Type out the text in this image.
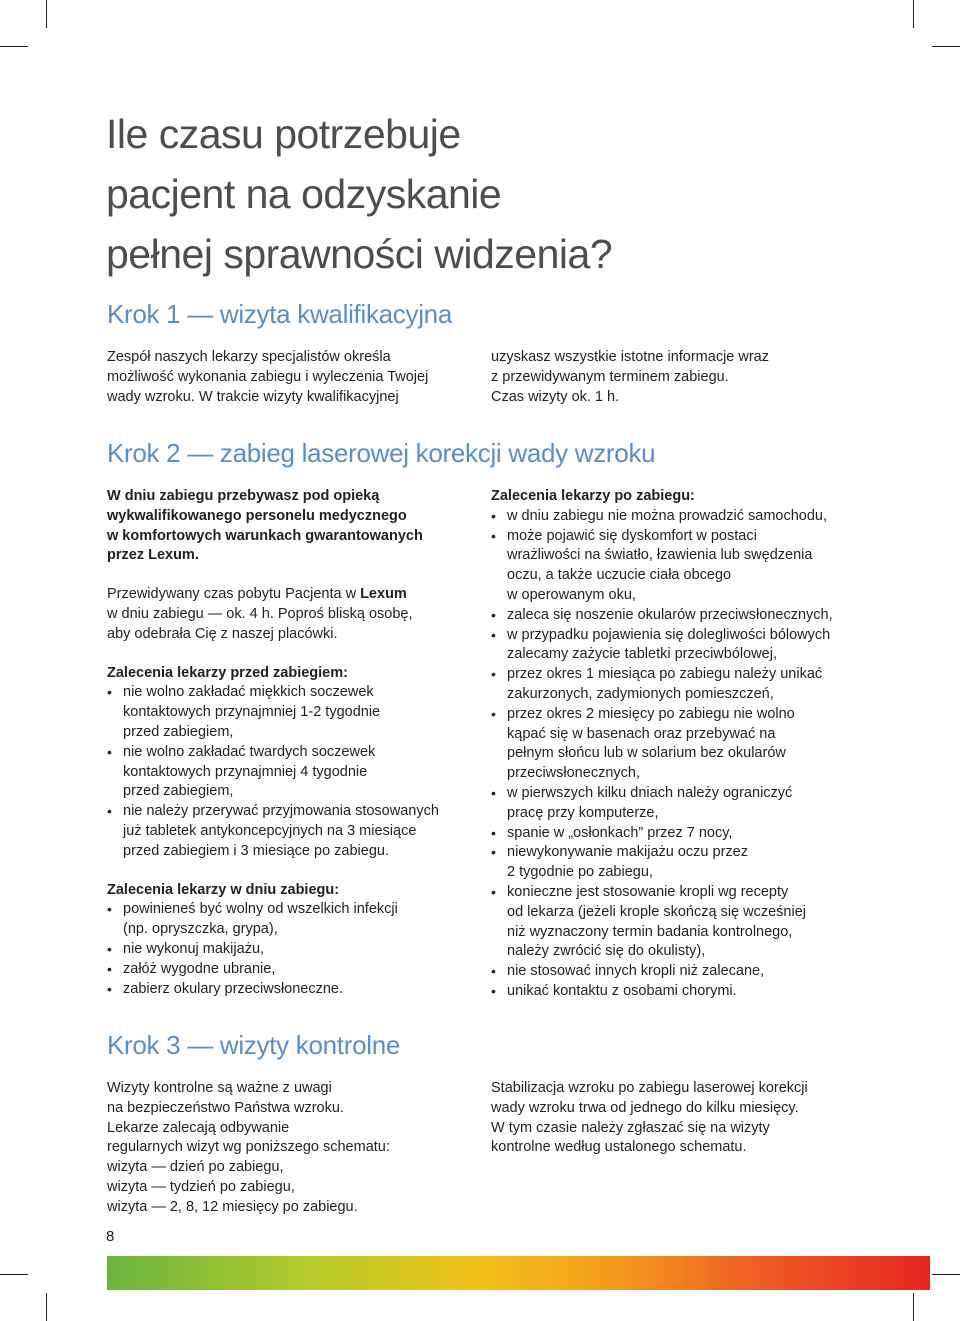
Ile czasu potrzebuje
pacjent na odzyskanie
pełnej sprawności widzenia?
Krok 1 — wizyta kwalifikacyjna
Zespół naszych lekarzy specjalistów określa
możliwość wykonania zabiegu i wyleczenia Twojej
wady wzroku. W trakcie wizyty kwalifikacyjnej
uzyskasz wszystkie istotne informacje wraz
z przewidywanym terminem zabiegu.
Czas wizyty ok. 1 h.
Krok 2 — zabieg laserowej korekcji wady wzroku
W dniu zabiegu przebywasz pod opieką
wykwalifikowanego personelu medycznego
w komfortowych warunkach gwarantowanych
przez Lexum.
Przewidywany czas pobytu Pacjenta w Lexum
w dniu zabiegu — ok. 4 h. Poproś bliską osobę,
aby odebrała Cię z naszej placówki.
Zalecenia lekarzy przed zabiegiem:
• nie wolno zakładać miękkich soczewek
kontaktowych przynajmniej 1-2 tygodnie
przed zabiegiem,
• nie wolno zakładać twardych soczewek
kontaktowych przynajmniej 4 tygodnie
przed zabiegiem,
• nie należy przerywać przyjmowania stosowanych
już tabletek antykoncepcyjnych na 3 miesiące
przed zabiegiem i 3 miesiące po zabiegu.
Zalecenia lekarzy w dniu zabiegu:
• powinieneś być wolny od wszelkich infekcji
(np. opryszczka, grypa),
• nie wykonuj makijażu,
• załóż wygodne ubranie,
• zabierz okulary przeciwsłoneczne.
Zalecenia lekarzy po zabiegu:
• w dniu zabiegu nie można prowadzić samochodu,
• może pojawić się dyskomfort w postaci
wrażliwości na światło, łzawienia lub swędzenia
oczu, a także uczucie ciała obcego
w operowanym oku,
• zaleca się noszenie okularów przeciwsłonecznych,
• w przypadku pojawienia się dolegliwości bólowych
zalecamy zażycie tabletki przeciwbólowej,
• przez okres 1 miesiąca po zabiegu należy unikać
zakurzonych, zadymionych pomieszczeń,
• przez okres 2 miesięcy po zabiegu nie wolno
kąpać się w basenach oraz przebywać na
pełnym słońcu lub w solarium bez okularów
przeciwsłonecznych,
• w pierwszych kilku dniach należy ograniczyć
pracę przy komputerze,
• spanie w „osłonkach” przez 7 nocy,
• niewykonywanie makijażu oczu przez
2 tygodnie po zabiegu,
• konieczne jest stosowanie kropli wg recepty
od lekarza (jeżeli krople skończą się wcześniej
niż wyznaczony termin badania kontrolnego,
należy zwrócić się do okulisty),
• nie stosować innych kropli niż zalecane,
• unikać kontaktu z osobami chorymi.
Krok 3 — wizyty kontrolne
Wizyty kontrolne są ważne z uwagi
na bezpieczeństwo Państwa wzroku.
Lekarze zalecają odbywanie
regularnych wizyt wg poniższego schematu:
wizyta — dzień po zabiegu,
wizyta — tydzień po zabiegu,
wizyta — 2, 8, 12 miesięcy po zabiegu.
Stabilizacja wzroku po zabiegu laserowej korekcji
wady wzroku trwa od jednego do kilku miesięcy.
W tym czasie należy zgłaszać się na wizyty
kontrolne według ustalonego schematu.
8
